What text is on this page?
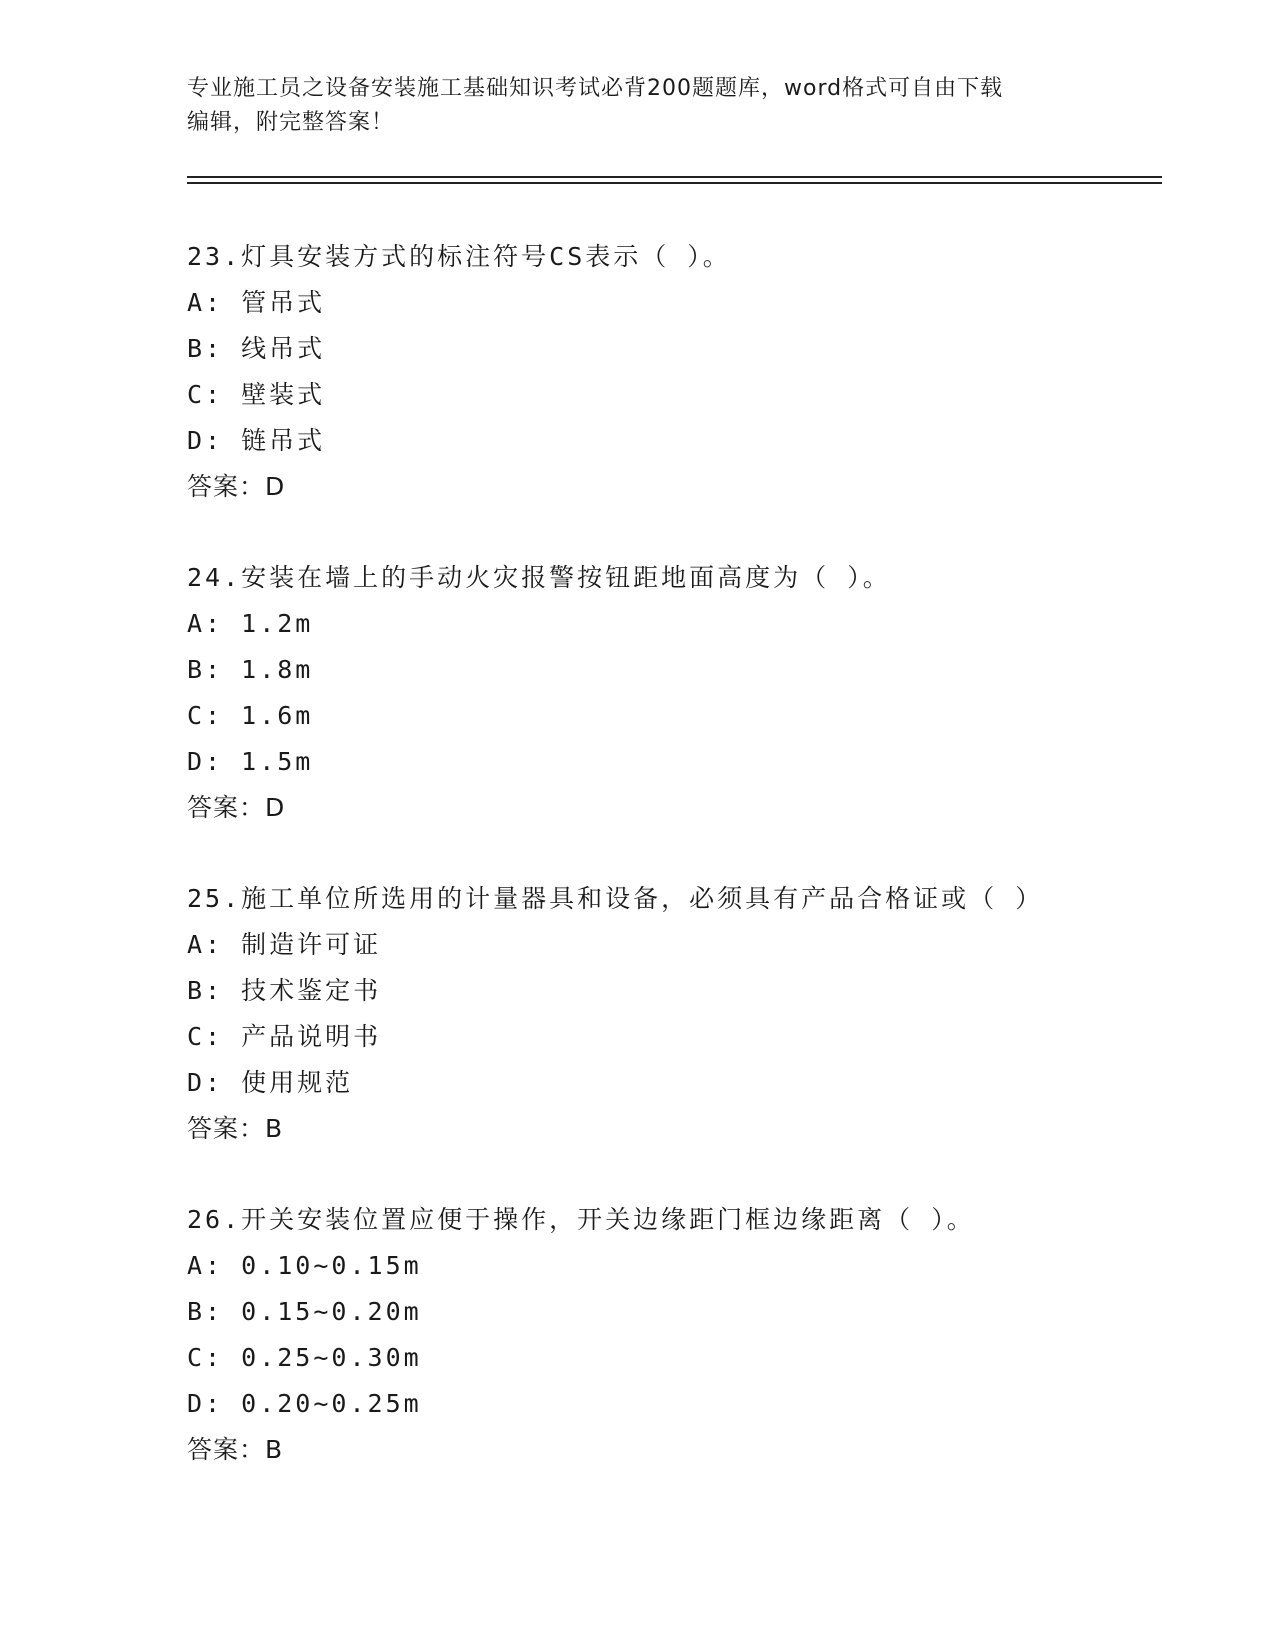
专业施工员之设备安装施工基础知识考试必背200题题库，word格式可自由下载
编辑，附完整答案！
23.灯具安装方式的标注符号CS表示（ ）。
A: 管吊式
B: 线吊式
C: 壁装式
D: 链吊式
答案：D
24.安装在墙上的手动火灾报警按钮距地面高度为（ ）。
A: 1.2m
B: 1.8m
C: 1.6m
D: 1.5m
答案：D
25.施工单位所选用的计量器具和设备，必须具有产品合格证或（ ）
A: 制造许可证
B: 技术鉴定书
C: 产品说明书
D: 使用规范
答案：B
26.开关安装位置应便于操作，开关边缘距门框边缘距离（ ）。
A: 0.10~0.15m
B: 0.15~0.20m
C: 0.25~0.30m
D: 0.20~0.25m
答案：B
